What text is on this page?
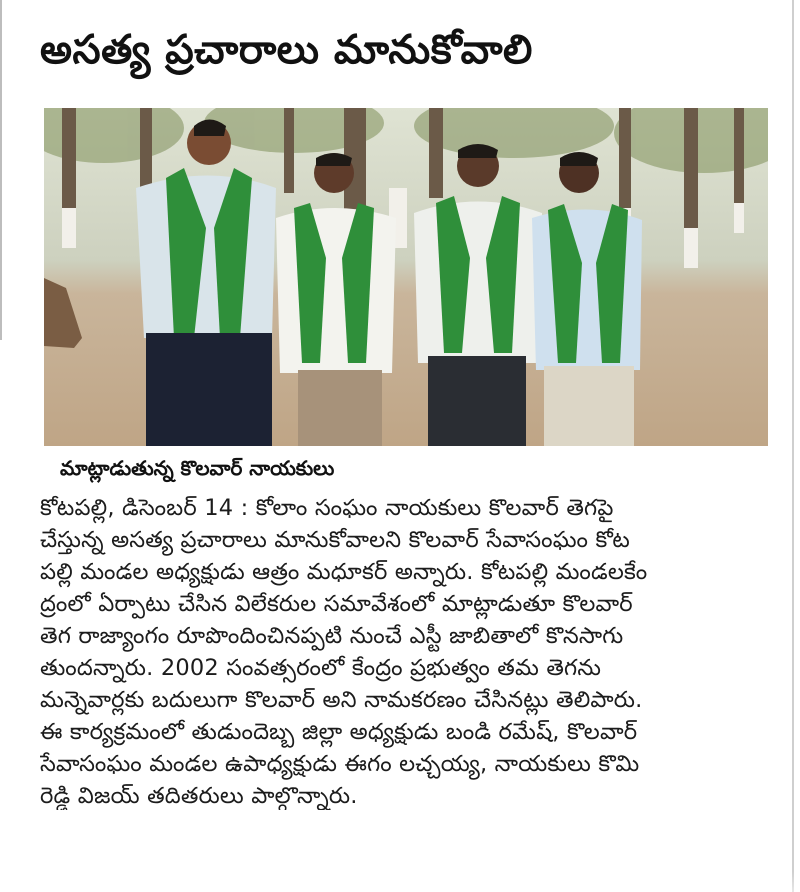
అసత్య ప్రచారాలు మానుకోవాలి
మాట్లాడుతున్న కొలవార్ నాయకులు
కోటపల్లి, డిసెంబర్ 14 : కోలాం సంఘం నాయకులు కొలవార్ తెగపై
చేస్తున్న అసత్య ప్రచారాలు మానుకోవాలని కొలవార్ సేవాసంఘం కోట
పల్లి మండల అధ్యక్షుడు ఆత్రం మధూకర్ అన్నారు. కోటపల్లి మండలకేం
ద్రంలో ఏర్పాటు చేసిన విలేకరుల సమావేశంలో మాట్లాడుతూ కొలవార్
తెగ రాజ్యాంగం రూపొందించినప్పటి నుంచే ఎస్టీ జాబితాలో కొనసాగు
తుందన్నారు. 2002 సంవత్సరంలో కేంద్రం ప్రభుత్వం తమ తెగను
మన్నెవార్లకు బదులుగా కొలవార్ అని నామకరణం చేసినట్లు తెలిపారు.
ఈ కార్యక్రమంలో తుడుందెబ్బ జిల్లా అధ్యక్షుడు బండి రమేష్, కొలవార్
సేవాసంఘం మండల ఉపాధ్యక్షుడు ఈగం లచ్చయ్య, నాయకులు కొమి
రెడ్డి విజయ్ తదితరులు పాల్గొన్నారు.
